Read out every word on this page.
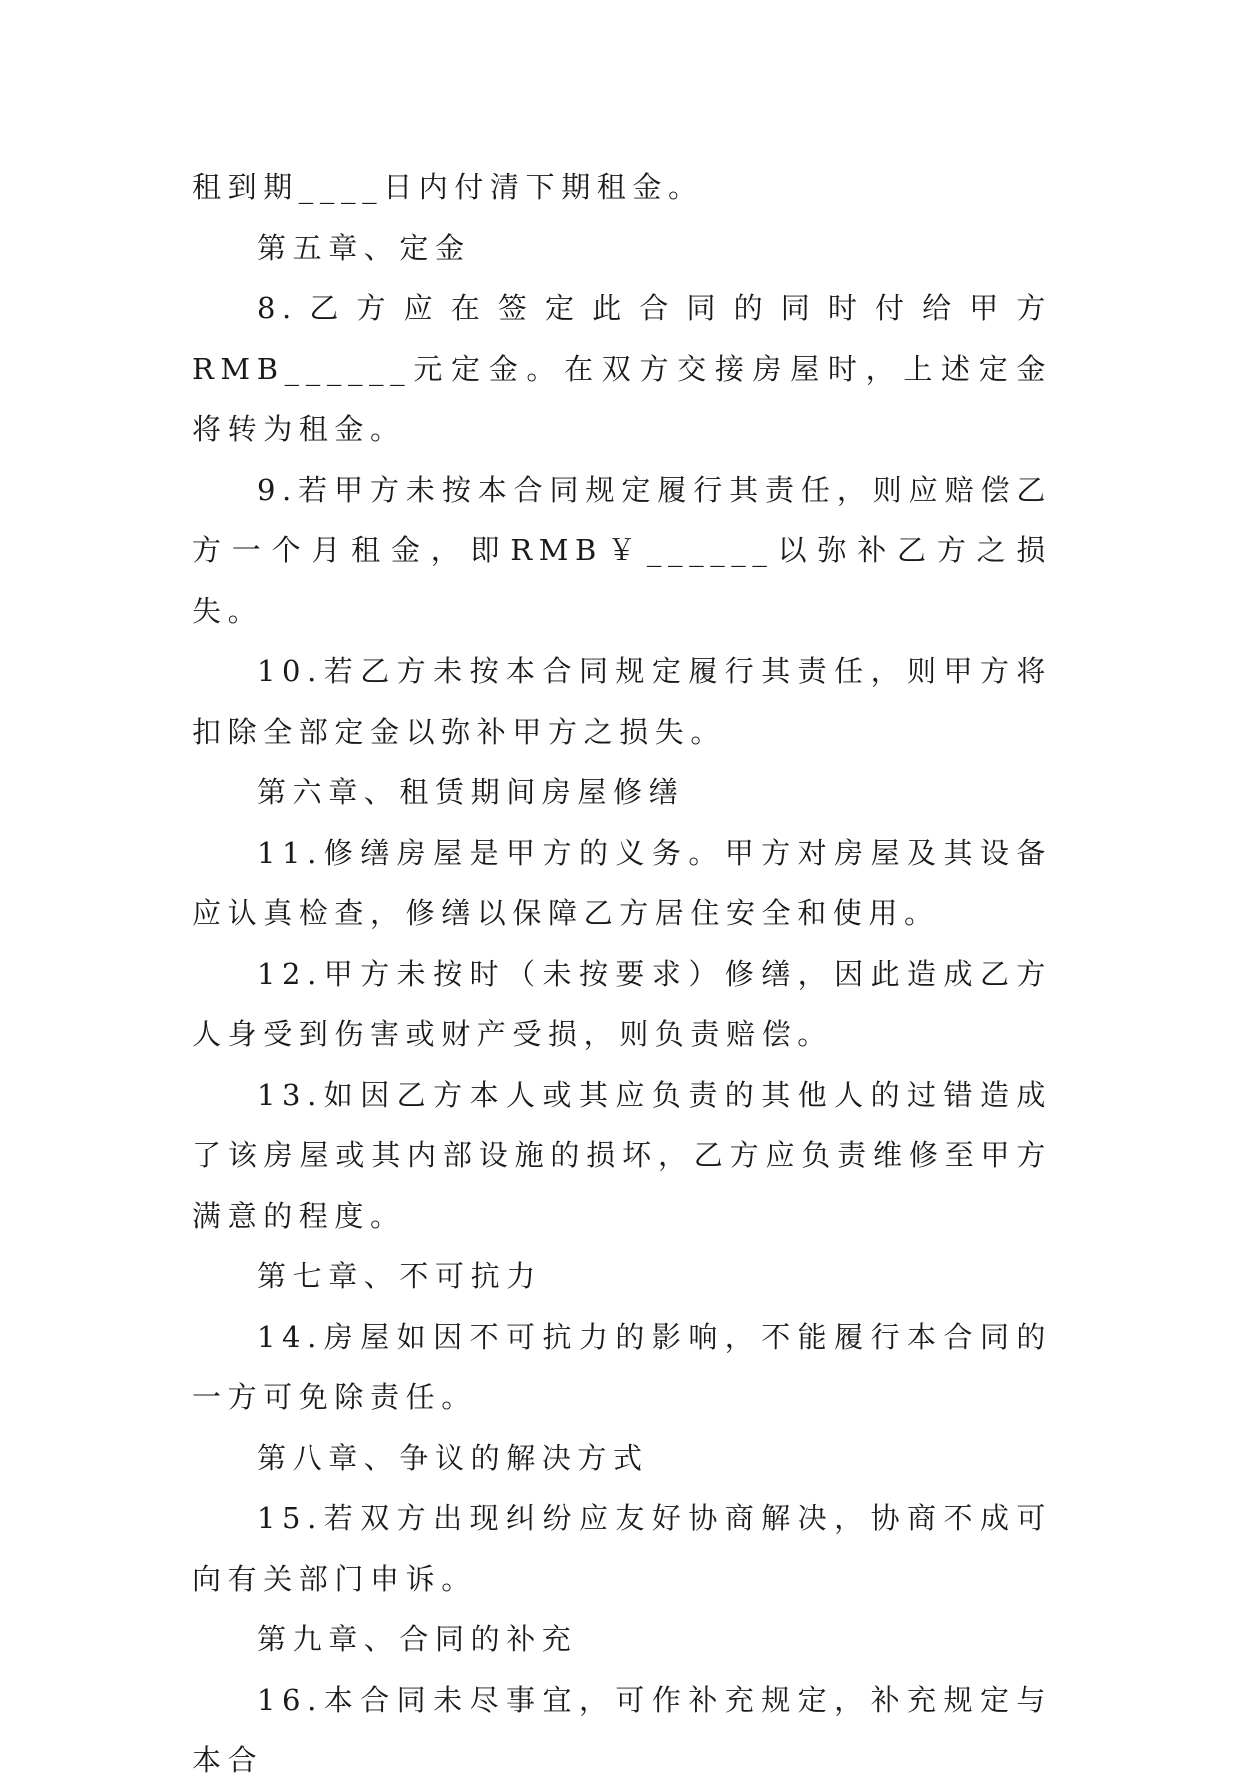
租到期____日内付清下期租金。

第五章、定金

8.乙方应在签定此合同的同时付给甲方RMB______元定金。在双方交接房屋时，上述定金将转为租金。

9.若甲方未按本合同规定履行其责任，则应赔偿乙方一个月租金，即RMB￥______以弥补乙方之损失。

10.若乙方未按本合同规定履行其责任，则甲方将扣除全部定金以弥补甲方之损失。

第六章、租赁期间房屋修缮

11.修缮房屋是甲方的义务。甲方对房屋及其设备应认真检查，修缮以保障乙方居住安全和使用。

12.甲方未按时（未按要求）修缮，因此造成乙方人身受到伤害或财产受损，则负责赔偿。

13.如因乙方本人或其应负责的其他人的过错造成了该房屋或其内部设施的损坏，乙方应负责维修至甲方满意的程度。

第七章、不可抗力

14.房屋如因不可抗力的影响，不能履行本合同的一方可免除责任。

第八章、争议的解决方式

15.若双方出现纠纷应友好协商解决，协商不成可向有关部门申诉。

第九章、合同的补充

16.本合同未尽事宜，可作补充规定，补充规定与本合
